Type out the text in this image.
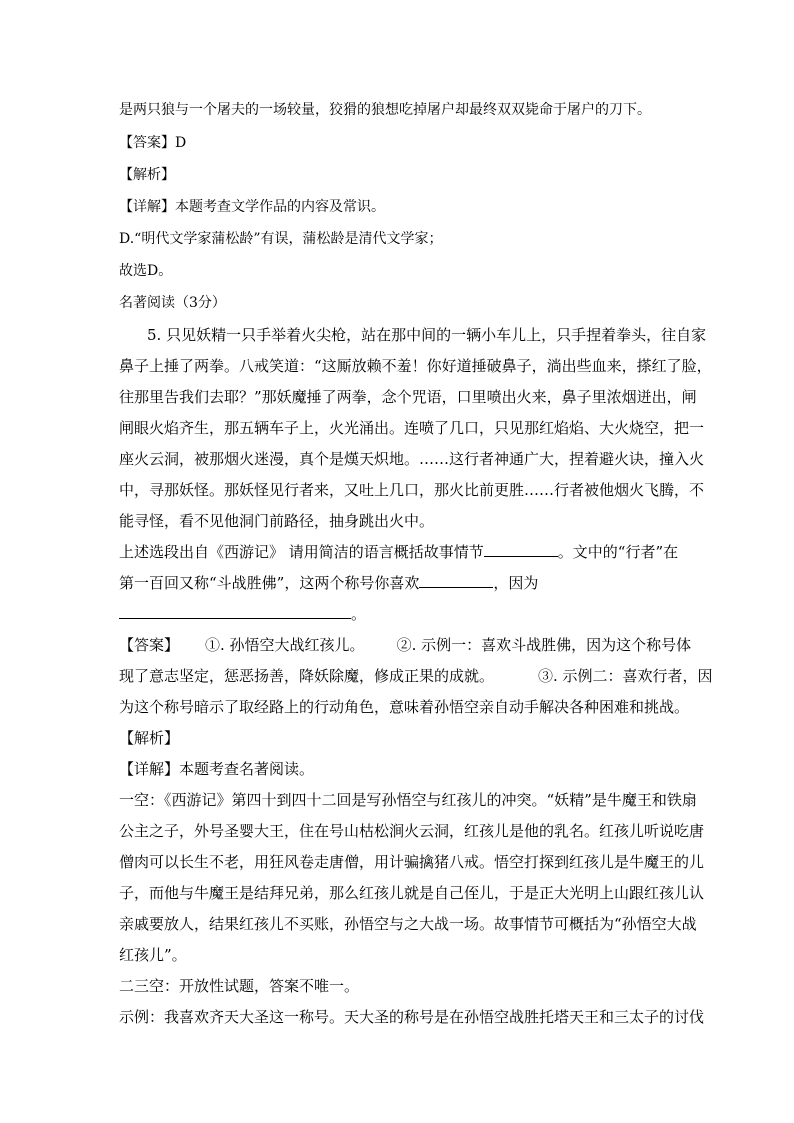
是两只狼与一个屠夫的一场较量，狡猾的狼想吃掉屠户却最终双双毙命于屠户的刀下。
【答案】D
【解析】
【详解】本题考查文学作品的内容及常识。
D.“明代文学家蒲松龄”有误，蒲松龄是清代文学家；
故选D。
名著阅读（3分）
5. 只见妖精一只手举着火尖枪，站在那中间的一辆小车儿上，只手捏着拳头，往自家
鼻子上捶了两拳。八戒笑道：“这厮放赖不羞！你好道捶破鼻子，淌出些血来，搽红了脸，
往那里告我们去耶？”那妖魔捶了两拳，念个咒语，口里喷出火来，鼻子里浓烟迸出，闸
闸眼火焰齐生，那五辆车子上，火光涌出。连喷了几口，只见那红焰焰、大火烧空，把一
座火云洞，被那烟火迷漫，真个是熯天炽地。……这行者神通广大，捏着避火诀，撞入火
中，寻那妖怪。那妖怪见行者来，又吐上几口，那火比前更胜……行者被他烟火飞腾，不
能寻怪，看不见他洞门前路径，抽身跳出火中。
上述选段出自《西游记》 请用简洁的语言概括故事情节	。文中的“行者”在
第一百回又称“斗战胜佛”，这两个称号你喜欢	，因为
。
【答案】 ①. 孙悟空大战红孩儿。 ②. 示例一：喜欢斗战胜佛，因为这个称号体
现了意志坚定，惩恶扬善，降妖除魔，修成正果的成就。	③. 示例二：喜欢行者，因
为这个称号暗示了取经路上的行动角色，意味着孙悟空亲自动手解决各种困难和挑战。
【解析】
【详解】本题考查名著阅读。
一空：《西游记》第四十到四十二回是写孙悟空与红孩儿的冲突。“妖精”是牛魔王和铁扇
公主之子，外号圣婴大王，住在号山枯松涧火云洞，红孩儿是他的乳名。红孩儿听说吃唐
僧肉可以长生不老，用狂风卷走唐僧，用计骗擒猪八戒。悟空打探到红孩儿是牛魔王的儿
子，而他与牛魔王是结拜兄弟，那么红孩儿就是自己侄儿，于是正大光明上山跟红孩儿认
亲戚要放人，结果红孩儿不买账，孙悟空与之大战一场。故事情节可概括为“孙悟空大战
红孩儿”。
二三空：开放性试题，答案不唯一。
示例：我喜欢齐天大圣这一称号。天大圣的称号是在孙悟空战胜托塔天王和三太子的讨伐
